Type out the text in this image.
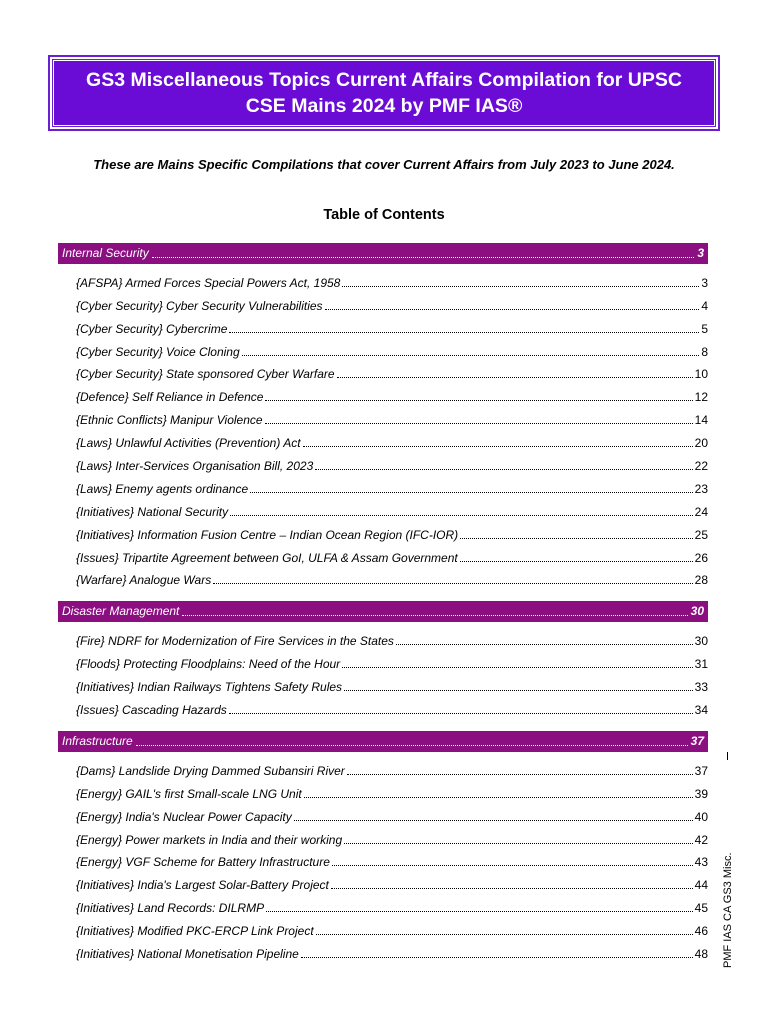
GS3 Miscellaneous Topics Current Affairs Compilation for UPSC CSE Mains 2024 by PMF IAS®
These are Mains Specific Compilations that cover Current Affairs from July 2023 to June 2024.
Table of Contents
Internal Security	3
{AFSPA} Armed Forces Special Powers Act, 1958	3
{Cyber Security} Cyber Security Vulnerabilities	4
{Cyber Security} Cybercrime	5
{Cyber Security} Voice Cloning	8
{Cyber Security} State sponsored Cyber Warfare	10
{Defence} Self Reliance in Defence	12
{Ethnic Conflicts} Manipur Violence	14
{Laws} Unlawful Activities (Prevention) Act	20
{Laws} Inter-Services Organisation Bill, 2023	22
{Laws} Enemy agents ordinance	23
{Initiatives} National Security	24
{Initiatives} Information Fusion Centre – Indian Ocean Region (IFC-IOR)	25
{Issues} Tripartite Agreement between GoI, ULFA & Assam Government	26
{Warfare} Analogue Wars	28
Disaster Management	30
{Fire} NDRF for Modernization of Fire Services in the States	30
{Floods} Protecting Floodplains: Need of the Hour	31
{Initiatives} Indian Railways Tightens Safety Rules	33
{Issues} Cascading Hazards	34
Infrastructure	37
{Dams} Landslide Drying Dammed Subansiri River	37
{Energy} GAIL's first Small-scale LNG Unit	39
{Energy} India's Nuclear Power Capacity	40
{Energy} Power markets in India and their working	42
{Energy} VGF Scheme for Battery Infrastructure	43
{Initiatives} India's Largest Solar-Battery Project	44
{Initiatives} Land Records: DILRMP	45
{Initiatives} Modified PKC-ERCP Link Project	46
{Initiatives} National Monetisation Pipeline	48 PMF IAS CA GS3 Misc.
